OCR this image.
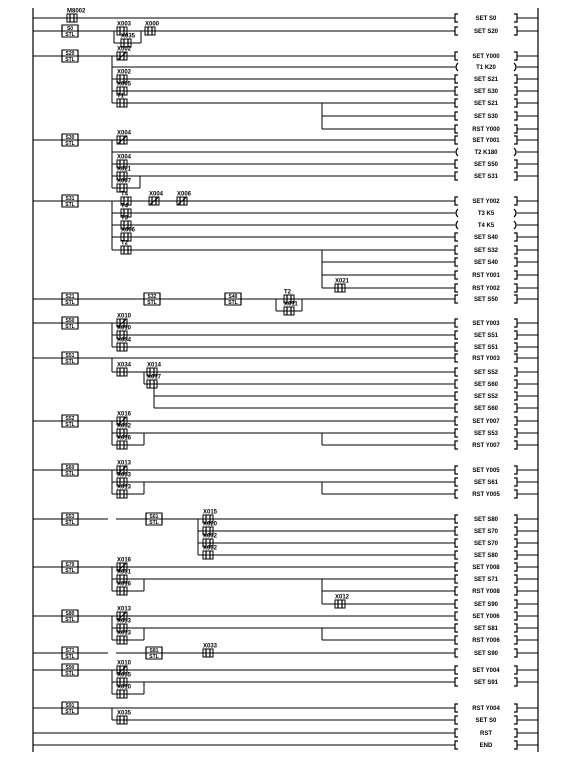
M8002
S0
STL
X003 X000
X035
S20
STL
X002
X002
X005
T1
S30
STL
X004
X004
X021
X007
S31
STL
T4	X004 X006
T4
T3
X006
T2
X021
S21
STL
S32
STL
S40
STL
T2
X011
S50
STL
X010
X010
X034
S51
STL
X034	X014
X017
S52
STL
X016
X032
X016
S60
STL
X013
X033
X013
S53
STL
S61
STL
X015
X020
X032
X032
S70
STL
X016
X031
X016
X012
S80
STL
X013
X033
X013
S71
STL
S81
STL
X033
S90
STL
X010
X035
X010
S91
STL	X035
SET S0
SET S20
SET Y000
T1 K20
SET S21
SET S30
SET S21
SET S30
RST Y000
SET Y001
T2 K180
SET S50
SET S31
SET Y002
T3 K5
T4 K5
SET S40
SET S32
SET S40
RST Y001
RST Y002
SET S50
SET Y003
SET S51
SET S51
RST Y003
SET S52
SET S60
SET S52
SET S60
SET Y007
SET S53
RST Y007
SET Y005
SET S61
RST Y005
SET S80
SET S70
SET S70
SET S80
SET Y008
SET S71
RST Y008
SET S90
SET Y006
SET S81
RST Y006
SET S90
SET Y004
SET S91
RST Y004
SET S0
RST
END
